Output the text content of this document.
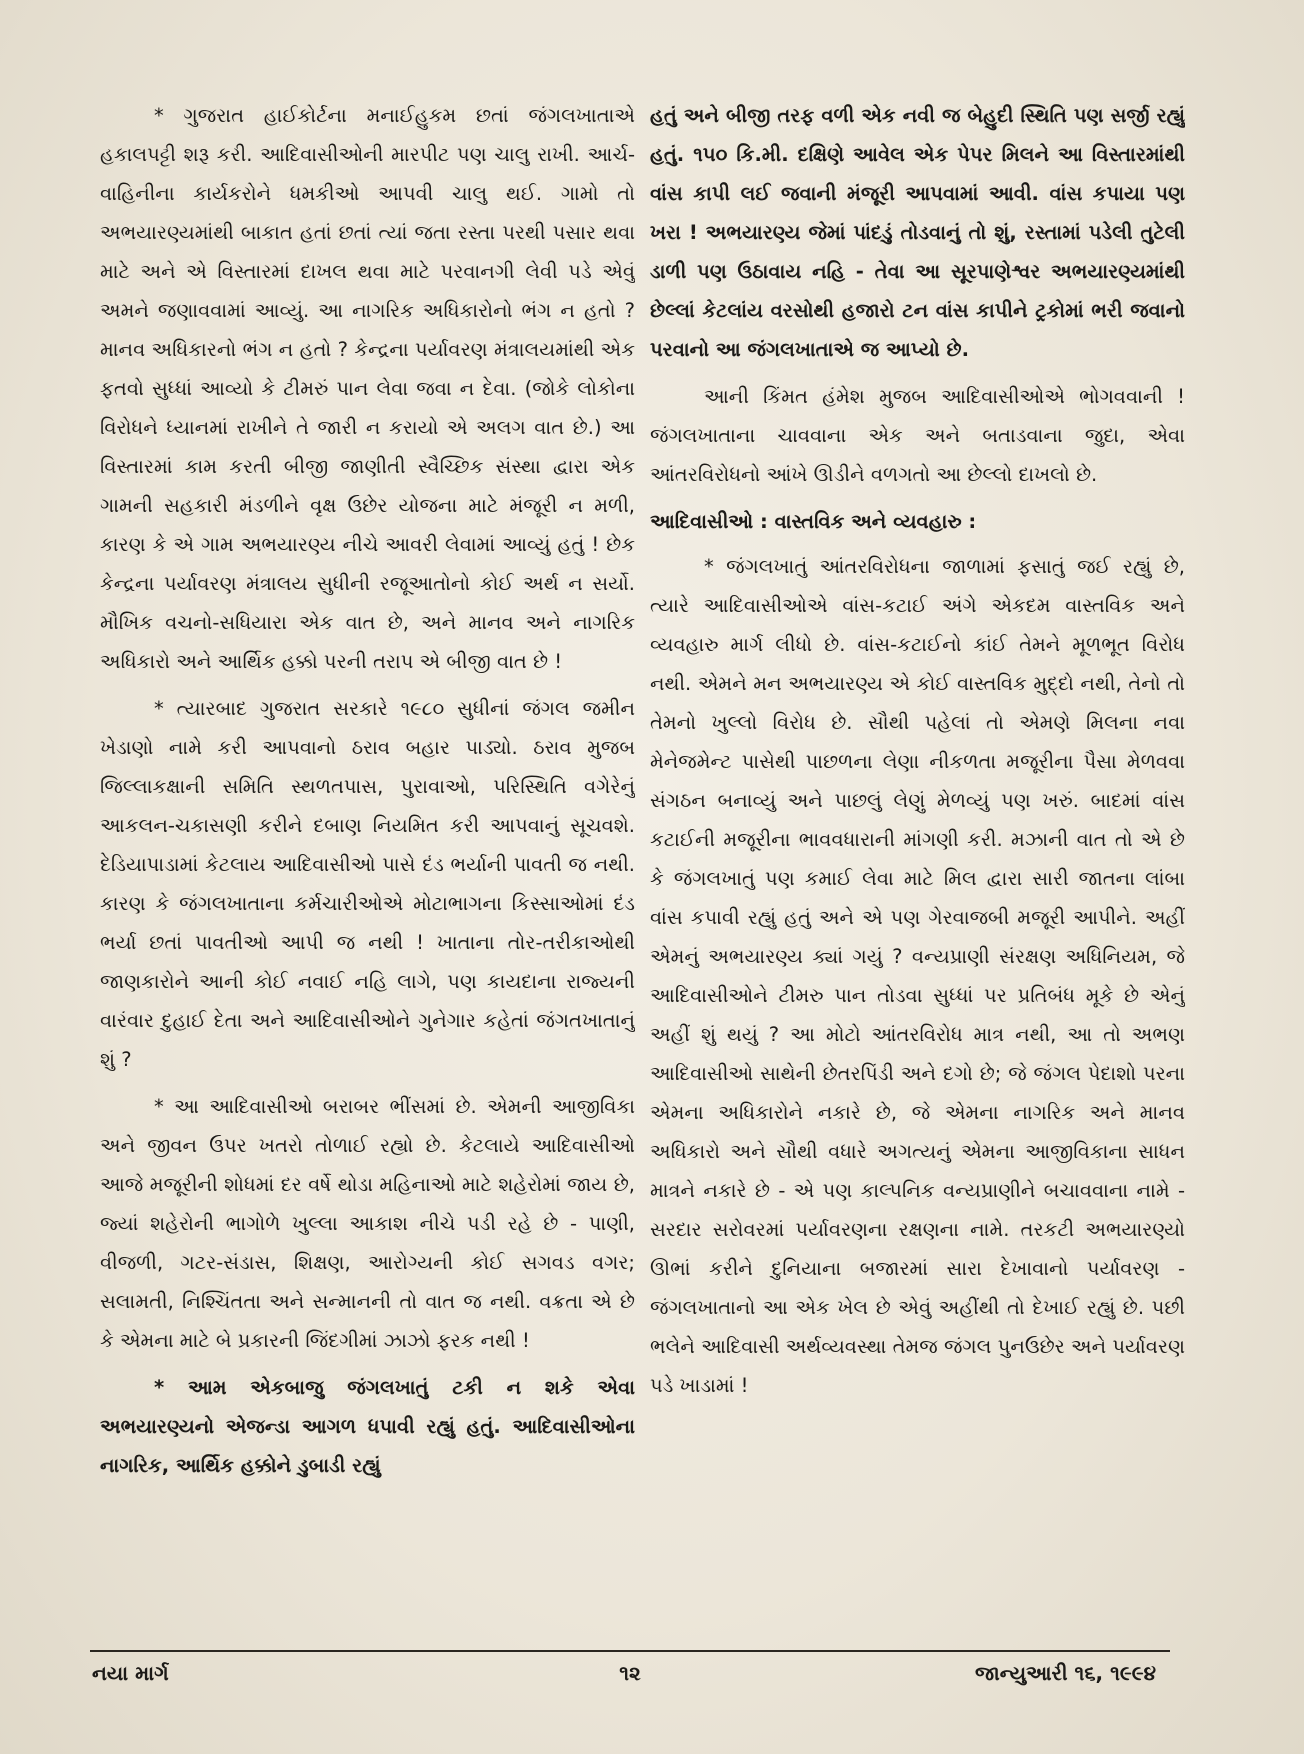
* ગુજરાત હાઈકોર્ટના મનાઈહુકમ છતાં જંગલખાતાએ હકાલપટ્ટી શરૂ કરી. આદિવાસીઓની મારપીટ પણ ચાલુ રાખી. આર્ચ-વાહિનીના કાર્યકરોને ધમકીઓ આપવી ચાલુ થઈ. ગામો તો અભયારણ્યમાંથી બાકાત હતાં છતાં ત્યાં જતા રસ્તા પરથી પસાર થવા માટે અને એ વિસ્તારમાં દાખલ થવા માટે પરવાનગી લેવી પડે એવું અમને જણાવવામાં આવ્યું. આ નાગરિક અધિકારોનો ભંગ ન હતો ? માનવ અધિકારનો ભંગ ન હતો ? કેન્દ્રના પર્યાવરણ મંત્રાલયમાંથી એક ફતવો સુધ્ધાં આવ્યો કે ટીમરું પાન લેવા જવા ન દેવા. (જોકે લોકોના વિરોધને ધ્યાનમાં રાખીને તે જારી ન કરાયો એ અલગ વાત છે.) આ વિસ્તારમાં કામ કરતી બીજી જાણીતી સ્વૈચ્છિક સંસ્થા દ્વારા એક ગામની સહકારી મંડળીને વૃક્ષ ઉછેર યોજના માટે મંજૂરી ન મળી, કારણ કે એ ગામ અભયારણ્ય નીચે આવરી લેવામાં આવ્યું હતું ! છેક કેન્દ્રના પર્યાવરણ મંત્રાલય સુધીની રજૂઆતોનો કોઈ અર્થ ન સર્યો. મૌખિક વચનો-સધિયારા એક વાત છે, અને માનવ અને નાગરિક અધિકારો અને આર્થિક હક્કો પરની તરાપ એ બીજી વાત છે !

* ત્યારબાદ ગુજરાત સરકારે ૧૯૮૦ સુધીનાં જંગલ જમીન ખેડાણો નામે કરી આપવાનો ઠરાવ બહાર પાડ્યો. ઠરાવ મુજબ જિલ્લાકક્ષાની સમિતિ સ્થળતપાસ, પુરાવાઓ, પરિસ્થિતિ વગેરેનું આકલન-ચકાસણી કરીને દબાણ નિયમિત કરી આપવાનું સૂચવશે. દેડિયાપાડામાં કેટલાય આદિવાસીઓ પાસે દંડ ભર્યાની પાવતી જ નથી. કારણ કે જંગલખાતાના કર્મચારીઓએ મોટાભાગના કિસ્સાઓમાં દંડ ભર્યા છતાં પાવતીઓ આપી જ નથી ! ખાતાના તોર-તરીકાઓથી જાણકારોને આની કોઈ નવાઈ નહિ લાગે, પણ કાયદાના રાજ્યની વારંવાર દુહાઈ દેતા અને આદિવાસીઓને ગુનેગાર કહેતાં જંગતખાતાનું શું ?

* આ આદિવાસીઓ બરાબર ભીંસમાં છે. એમની આજીવિકા અને જીવન ઉપર ખતરો તોળાઈ રહ્યો છે. કેટલાયે આદિવાસીઓ આજે મજૂરીની શોધમાં દર વર્ષે થોડા મહિનાઓ માટે શહેરોમાં જાય છે, જ્યાં શહેરોની ભાગોળે ખુલ્લા આકાશ નીચે પડી રહે છે - પાણી, વીજળી, ગટર-સંડાસ, શિક્ષણ, આરોગ્યની કોઈ સગવડ વગર; સલામતી, નિશ્ચિંતતા અને સન્માનની તો વાત જ નથી. વક્રતા એ છે કે એમના માટે બે પ્રકારની જિંદગીમાં ઝાઝો ફરક નથી !

* આમ એકબાજુ જંગલખાતું ટકી ન શકે એવા અભયારણ્યનો એજન્ડા આગળ ધપાવી રહ્યું હતું. આદિવાસીઓના નાગરિક, આર્થિક હક્કોને ડુબાડી રહ્યું

હતું અને બીજી તરફ વળી એક નવી જ બેહુદી સ્થિતિ પણ સર્જી રહ્યું હતું. ૧૫૦ કિ.મી. દક્ષિણે આવેલ એક પેપર મિલને આ વિસ્તારમાંથી વાંસ કાપી લઈ જવાની મંજૂરી આપવામાં આવી. વાંસ કપાયા પણ ખરા ! અભયારણ્ય જેમાં પાંદડું તોડવાનું તો શું, રસ્તામાં પડેલી તુટેલી ડાળી પણ ઉઠાવાય નહિ - તેવા આ સૂરપાણેશ્વર અભયારણ્યમાંથી છેલ્લાં કેટલાંય વરસોથી હજારો ટન વાંસ કાપીને ટ્રકોમાં ભરી જવાનો પરવાનો આ જંગલખાતાએ જ આપ્યો છે.

આની કિંમત હંમેશ મુજબ આદિવાસીઓએ ભોગવવાની ! જંગલખાતાના ચાવવાના એક અને બતાડવાના જુદા, એવા આંતરવિરોધનો આંખે ઊડીને વળગતો આ છેલ્લો દાખલો છે.

આદિવાસીઓ : વાસ્તવિક અને વ્યવહારુ :

* જંગલખાતું આંતરવિરોધના જાળામાં ફસાતું જઈ રહ્યું છે, ત્યારે આદિવાસીઓએ વાંસ-કટાઈ અંગે એકદમ વાસ્તવિક અને વ્યવહારુ માર્ગ લીધો છે. વાંસ-કટાઈનો કાંઈ તેમને મૂળભૂત વિરોધ નથી. એમને મન અભયારણ્ય એ કોઈ વાસ્તવિક મુદ્દો નથી, તેનો તો તેમનો ખુલ્લો વિરોધ છે. સૌથી પહેલાં તો એમણે મિલના નવા મેનેજમેન્ટ પાસેથી પાછળના લેણા નીકળતા મજૂરીના પૈસા મેળવવા સંગઠન બનાવ્યું અને પાછલું લેણું મેળવ્યું પણ ખરું. બાદમાં વાંસ કટાઈની મજૂરીના ભાવવધારાની માંગણી કરી. મઝાની વાત તો એ છે કે જંગલખાતું પણ કમાઈ લેવા માટે મિલ દ્વારા સારી જાતના લાંબા વાંસ કપાવી રહ્યું હતું અને એ પણ ગેરવાજબી મજૂરી આપીને. અહીં એમનું અભયારણ્ય ક્યાં ગયું ? વન્યપ્રાણી સંરક્ષણ અધિનિયમ, જે આદિવાસીઓને ટીમરુ પાન તોડવા સુધ્ધાં પર પ્રતિબંધ મૂકે છે એનું અહીં શું થયું ? આ મોટો આંતરવિરોધ માત્ર નથી, આ તો અભણ આદિવાસીઓ સાથેની છેતરપિંડી અને દગો છે; જે જંગલ પેદાશો પરના એમના અધિકારોને નકારે છે, જે એમના નાગરિક અને માનવ અધિકારો અને સૌથી વધારે અગત્યનું એમના આજીવિકાના સાધન માત્રને નકારે છે - એ પણ કાલ્પનિક વન્યપ્રાણીને બચાવવાના નામે - સરદાર સરોવરમાં પર્યાવરણના રક્ષણના નામે. તરકટી અભયારણ્યો ઊભાં કરીને દુનિયાના બજારમાં સારા દેખાવાનો પર્યાવરણ - જંગલખાતાનો આ એક ખેલ છે એવું અહીંથી તો દેખાઈ રહ્યું છે. પછી ભલેને આદિવાસી અર્થવ્યવસ્થા તેમજ જંગલ પુનઉછેર અને પર્યાવરણ પડે ખાડામાં !

નયા માર્ગ	૧૨	જાન્યુઆરી ૧૬, ૧૯૯૪
